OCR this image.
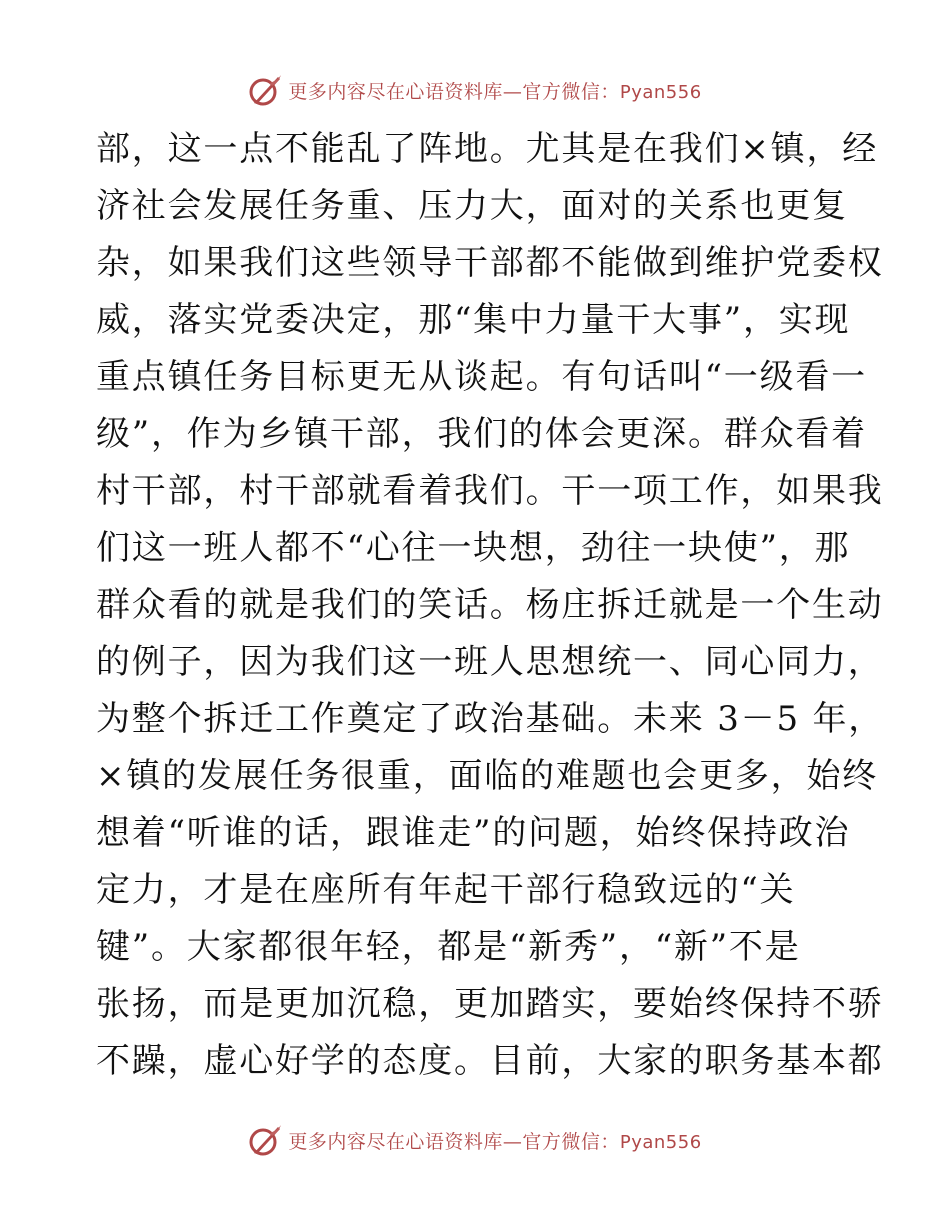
更多内容尽在心语资料库—官方微信：Pyan556
部，这一点不能乱了阵地。尤其是在我们×镇，经
济社会发展任务重、压力大，面对的关系也更复
杂，如果我们这些领导干部都不能做到维护党委权
威，落实党委决定，那“集中力量干大事”，实现
重点镇任务目标更无从谈起。有句话叫“一级看一
级”，作为乡镇干部，我们的体会更深。群众看着
村干部，村干部就看着我们。干一项工作，如果我
们这一班人都不“心往一块想，劲往一块使”，那
群众看的就是我们的笑话。杨庄拆迁就是一个生动
的例子，因为我们这一班人思想统一、同心同力，
为整个拆迁工作奠定了政治基础。未来 3－5 年，
×镇的发展任务很重，面临的难题也会更多，始终
想着“听谁的话，跟谁走”的问题，始终保持政治
定力，才是在座所有年起干部行稳致远的“关
键”。大家都很年轻，都是“新秀”，“新”不是
张扬，而是更加沉稳，更加踏实，要始终保持不骄
不躁，虚心好学的态度。目前，大家的职务基本都
更多内容尽在心语资料库—官方微信：Pyan556
